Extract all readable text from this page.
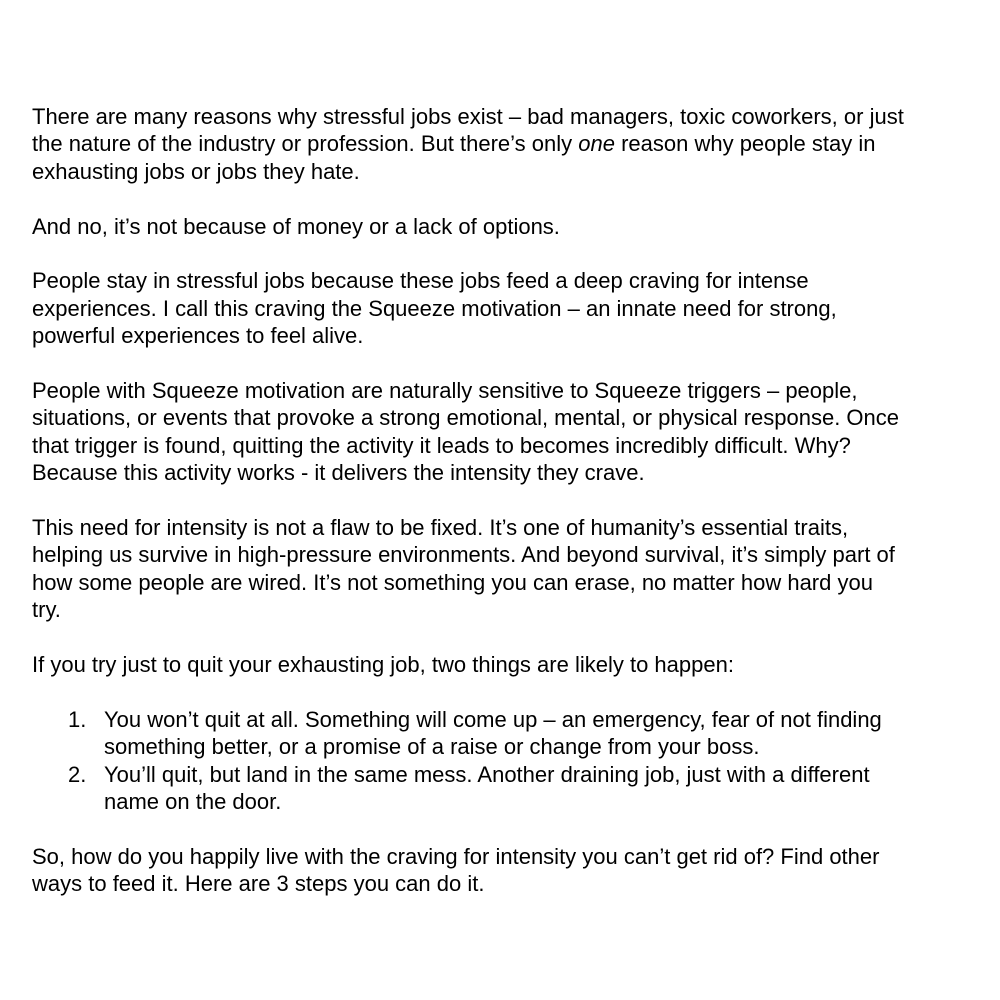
There are many reasons why stressful jobs exist – bad managers, toxic coworkers, or just
the nature of the industry or profession. But there’s only one reason why people stay in
exhausting jobs or jobs they hate.

And no, it’s not because of money or a lack of options.

People stay in stressful jobs because these jobs feed a deep craving for intense
experiences. I call this craving the Squeeze motivation – an innate need for strong,
powerful experiences to feel alive.

People with Squeeze motivation are naturally sensitive to Squeeze triggers – people,
situations, or events that provoke a strong emotional, mental, or physical response. Once
that trigger is found, quitting the activity it leads to becomes incredibly difficult. Why?
Because this activity works - it delivers the intensity they crave.

This need for intensity is not a flaw to be fixed. It’s one of humanity’s essential traits,
helping us survive in high-pressure environments. And beyond survival, it’s simply part of
how some people are wired. It’s not something you can erase, no matter how hard you
try.

If you try just to quit your exhausting job, two things are likely to happen:

1. You won’t quit at all. Something will come up – an emergency, fear of not finding
something better, or a promise of a raise or change from your boss.
2. You’ll quit, but land in the same mess. Another draining job, just with a different
name on the door.

So, how do you happily live with the craving for intensity you can’t get rid of? Find other
ways to feed it. Here are 3 steps you can do it.
